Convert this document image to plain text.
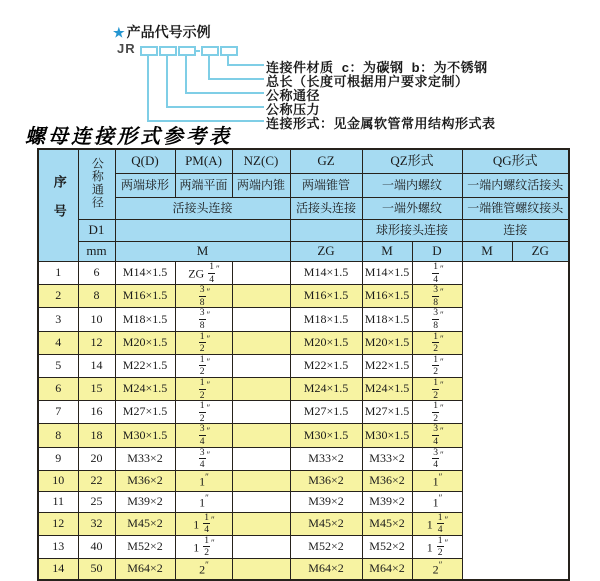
★ 产品代号示例
JR
连接件材质  c：为碳钢  b：为不锈钢
总长（长度可根据用户要求定制）
公称通径
公称压力
连接形式：见金属软管常用结构形式表
螺母连接形式参考表
序号	公称通径	Q(D)	PM(A)	NZ(C)	GZ	QZ形式		QG形式	
		两端球形	两端平面	两端内锥	两端锥管	一端内螺纹		一端内螺纹活接头	
		活接头连接			活接头连接	一端外螺纹		一端锥管螺纹接头	
	D1					球形接头连接		连接	
	mm	M			ZG	M	D	M	ZG
1	6	M14×1.5	ZG $\frac{1}{4} ''$		M14×1.5	M14×1.5	$\frac{1}{4} ''$
2	8	M16×1.5	$\frac{3}{8} ''$		M16×1.5	M16×1.5	$\frac{3}{8} ''$
3	10	M18×1.5	$\frac{3}{8} ''$		M18×1.5	M18×1.5	$\frac{3}{8} ''$
4	12	M20×1.5	$\frac{1}{2} ''$		M20×1.5	M20×1.5	$\frac{1}{2} ''$
5	14	M22×1.5	$\frac{1}{2} ''$		M22×1.5	M22×1.5	$\frac{1}{2} ''$
6	15	M24×1.5	$\frac{1}{2} ''$		M24×1.5	M24×1.5	$\frac{1}{2} ''$
7	16	M27×1.5	$\frac{1}{2} ''$		M27×1.5	M27×1.5	$\frac{1}{2} ''$
8	18	M30×1.5	$\frac{3}{4} ''$		M30×1.5	M30×1.5	$\frac{3}{4} ''$
9	20	M33×2	$\frac{3}{4} ''$		M33×2	M33×2	$\frac{3}{4} ''$
10	22	M36×2	1″		M36×2	M36×2	1″
11	25	M39×2	1″		M39×2	M39×2	1″
12	32	M45×2	$1 \frac{1}{4} ''$		M45×2	M45×2	$1 \frac{1}{4} ''$
13	40	M52×2	$1 \frac{1}{2} ''$		M52×2	M52×2	$1 \frac{1}{2} ''$
14	50	M64×2	2″		M64×2	M64×2	2″
